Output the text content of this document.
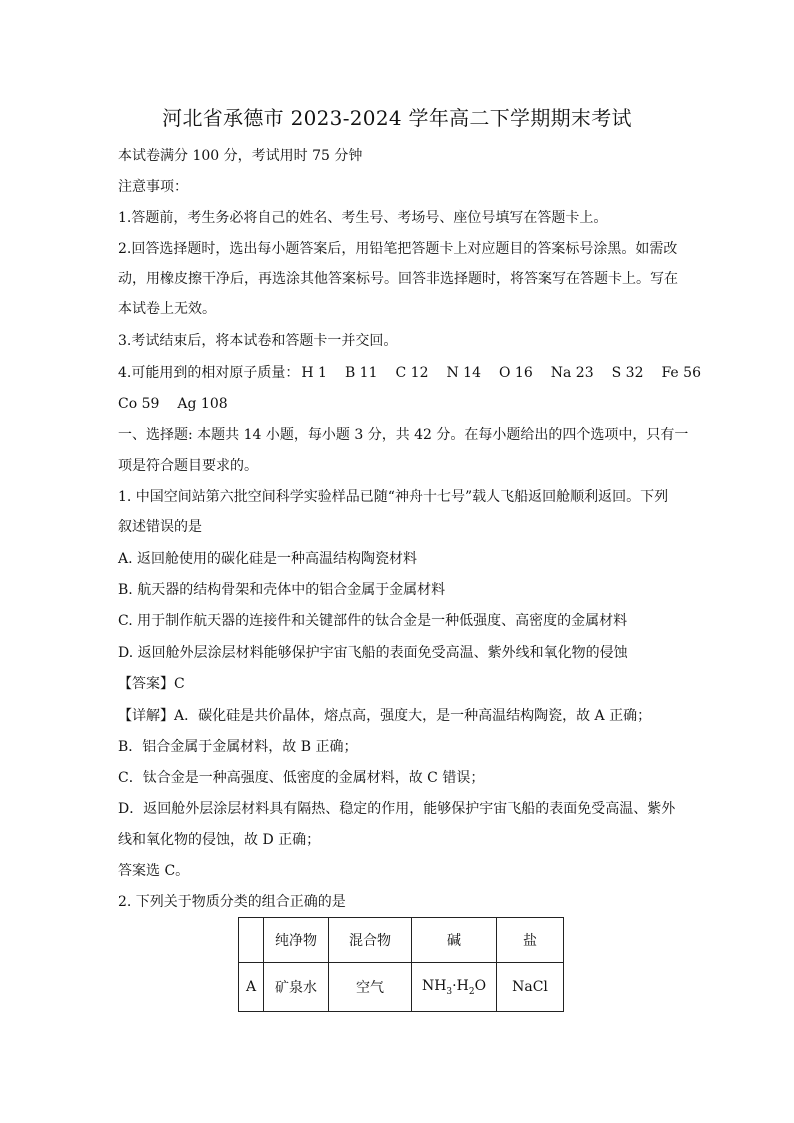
河北省承德市 2023-2024 学年高二下学期期末考试
本试卷满分 100 分，考试用时 75 分钟
注意事项：
1.答题前，考生务必将自己的姓名、考生号、考场号、座位号填写在答题卡上。
2.回答选择题时，选出每小题答案后，用铅笔把答题卡上对应题目的答案标号涂黑。如需改
动，用橡皮擦干净后，再选涂其他答案标号。回答非选择题时，将答案写在答题卡上。写在
本试卷上无效。
3.考试结束后，将本试卷和答题卡一并交回。
4.可能用到的相对原子质量： H 1 B 11 C 12 N 14 O 16 Na 23 S 32 Fe 56
Co 59 Ag 108
一、选择题: 本题共 14 小题，每小题 3 分，共 42 分。在每小题给出的四个选项中，只有一
项是符合题目要求的。
1. 中国空间站第六批空间科学实验样品已随“神舟十七号”载人飞船返回舱顺利返回。下列
叙述错误的是
A. 返回舱使用的碳化硅是一种高温结构陶瓷材料
B. 航天器的结构骨架和壳体中的铝合金属于金属材料
C. 用于制作航天器的连接件和关键部件的钛合金是一种低强度、高密度的金属材料
D. 返回舱外层涂层材料能够保护宇宙飞船的表面免受高温、紫外线和氧化物的侵蚀
【答案】C
【详解】A．碳化硅是共价晶体，熔点高，强度大，是一种高温结构陶瓷，故 A 正确；
B．铝合金属于金属材料，故 B 正确；
C．钛合金是一种高强度、低密度的金属材料，故 C 错误；
D．返回舱外层涂层材料具有隔热、稳定的作用，能够保护宇宙飞船的表面免受高温、紫外
线和氧化物的侵蚀，故 D 正确；
答案选 C。
2. 下列关于物质分类的组合正确的是
	纯净物	混合物	碱	盐
A	矿泉水	空气	$NH_3\cdot H_2O$	NaCl
